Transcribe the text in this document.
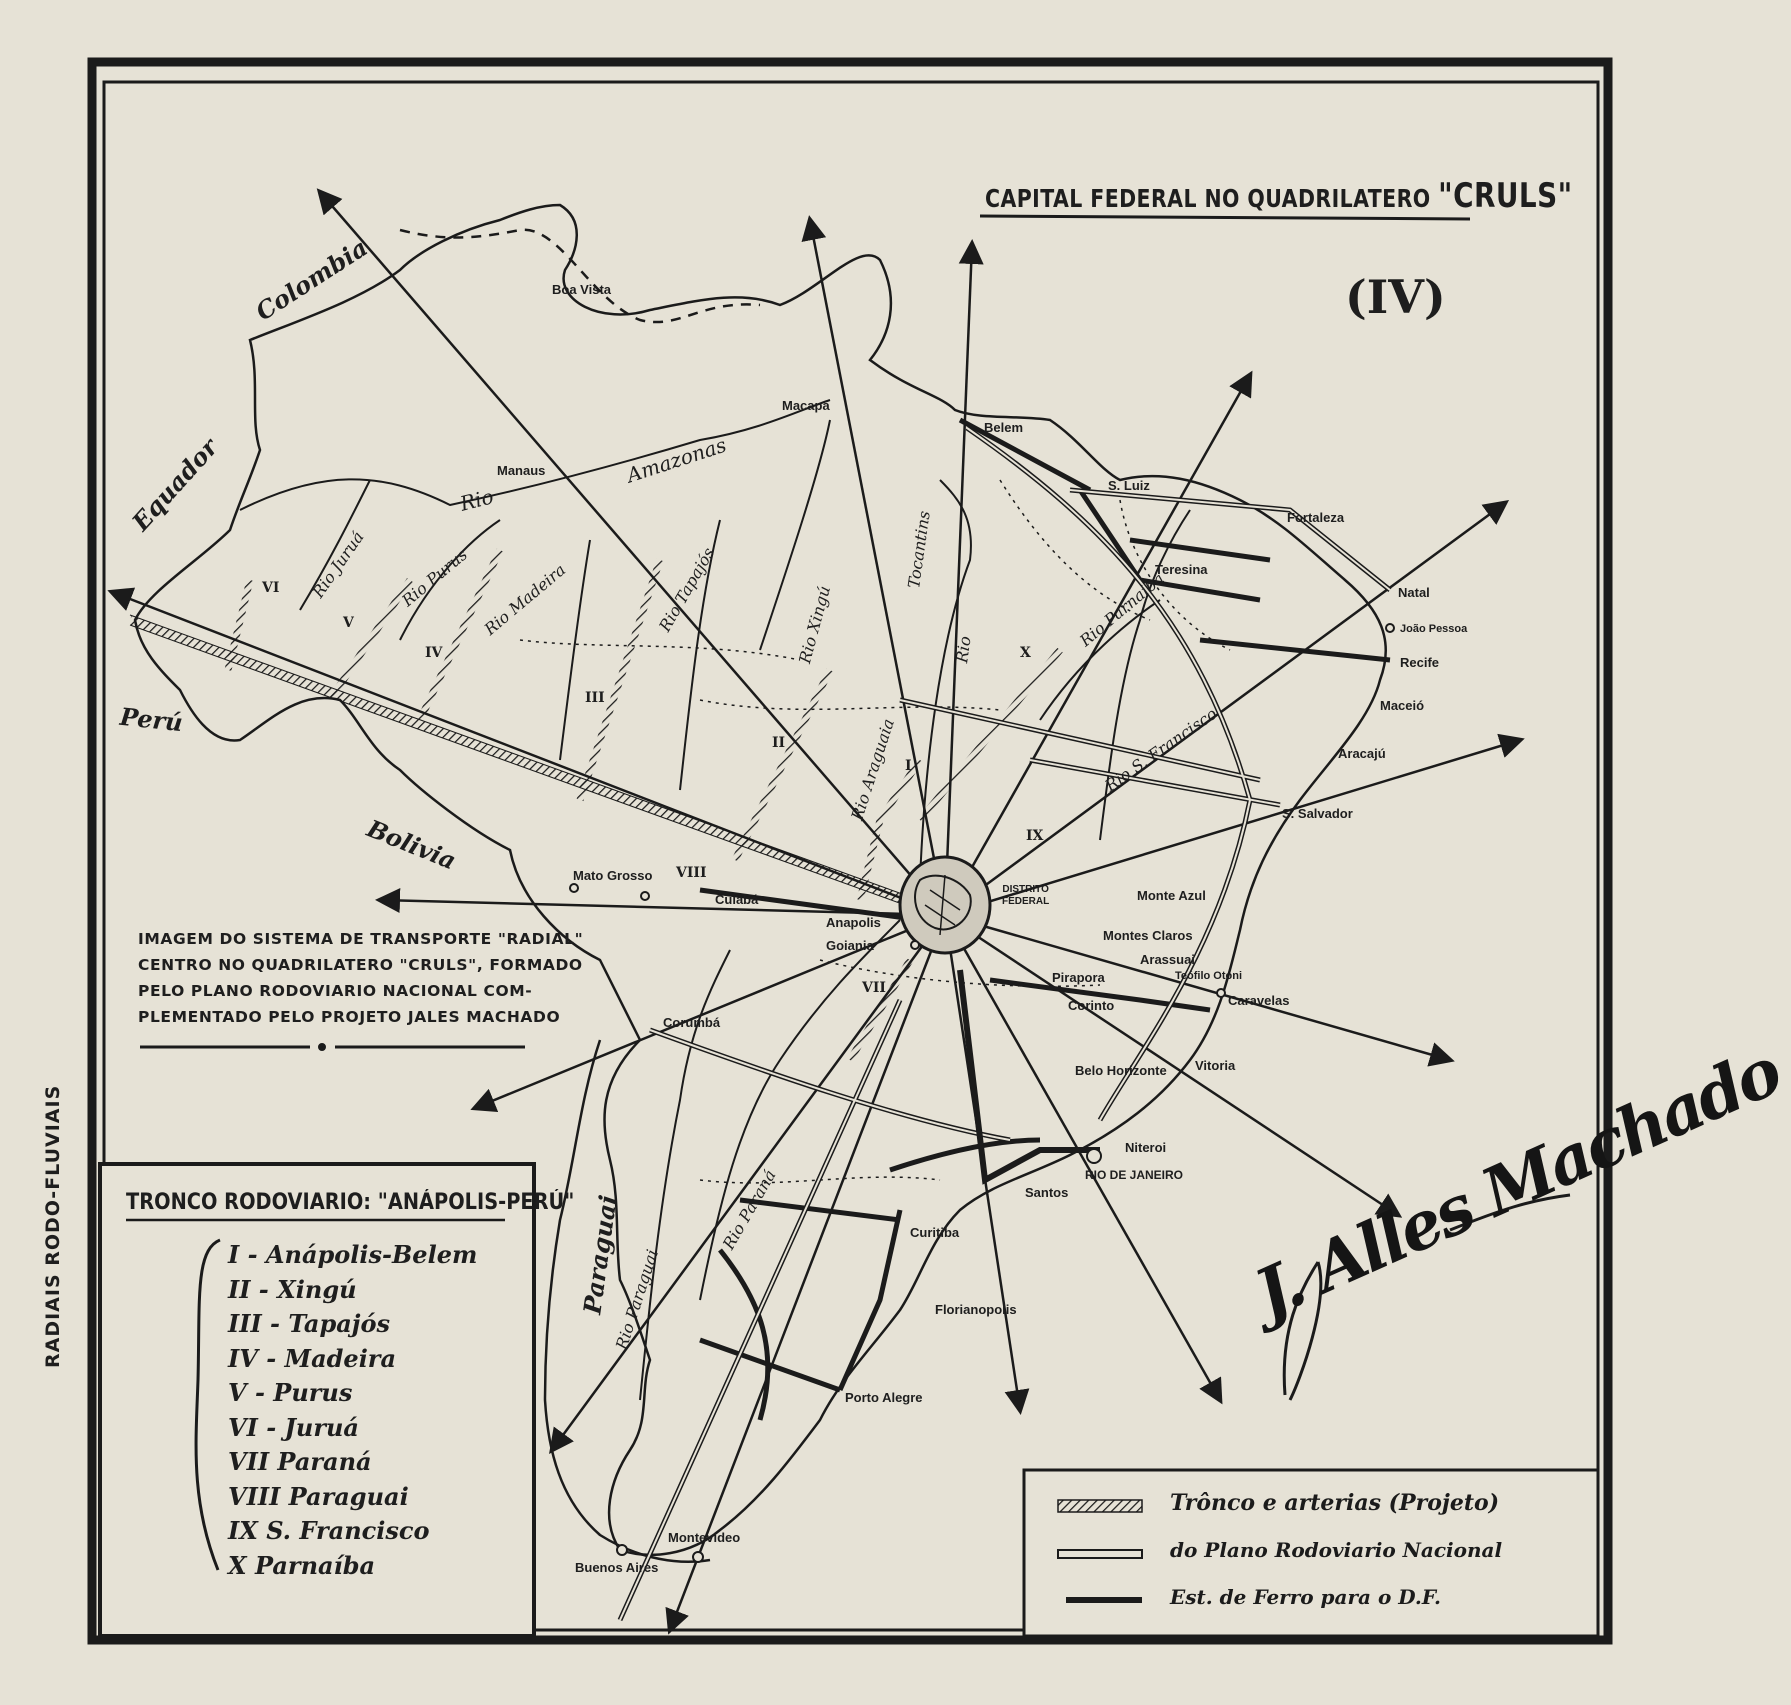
CAPITAL FEDERAL NO QUADRILATERO "CRULS"
(IV)
Colombia
Equador
Perú
Bolivia
Paraguai
Amazonas
Rio
Rio Juruá Rio Purus Rio Madeira	Rio Tapajós	Rio Xingú
Tocantins
Rio
Rio Araguaia
Rio Parnaiba
Rio S. Francisco
Rio Paraná
Rio Paraguai
Boa Vista
Manaus
Macapá
Belem
S. Luiz
Fortaleza
Teresina
Natal
João Pessoa
Recife
Maceió
Aracajú
S. Salvador
Monte Azul
Montes Claros
Arassuai
Teófilo Otoni
Caravelas
Pirapora
Corinto
Belo Horizonte Vitoria
Niteroi
RIO DE JANEIRO
Santos
Curitiba
Florianopolis
Porto Alegre
Montevideo
Buenos Aires
Corumbá
Cuiabá
Mato Grosso
Anapolis
Goiania
DISTRITO
FEDERAL
I
II
III
IV
V
VI
VII
VIII
IX
X
IMAGEM DO SISTEMA DE TRANSPORTE "RADIAL"
CENTRO NO QUADRILATERO "CRULS", FORMADO
PELO PLANO RODOVIARIO NACIONAL COM-
PLEMENTADO PELO PROJETO JALES MACHADO
TRONCO RODOVIARIO: "ANÁPOLIS-PERÚ"
RADIAIS RODO-FLUVIAIS	I - Anápolis-Belem
II - Xingú
III - Tapajós
IV - Madeira
V - Purus
VI - Juruá
VII Paraná
VIII Paraguai
IX S. Francisco
X Parnaíba
Trônco e arterias (Projeto)
do Plano Rodoviario Nacional
Est. de Ferro para o D.F.
J. Alles Machado
